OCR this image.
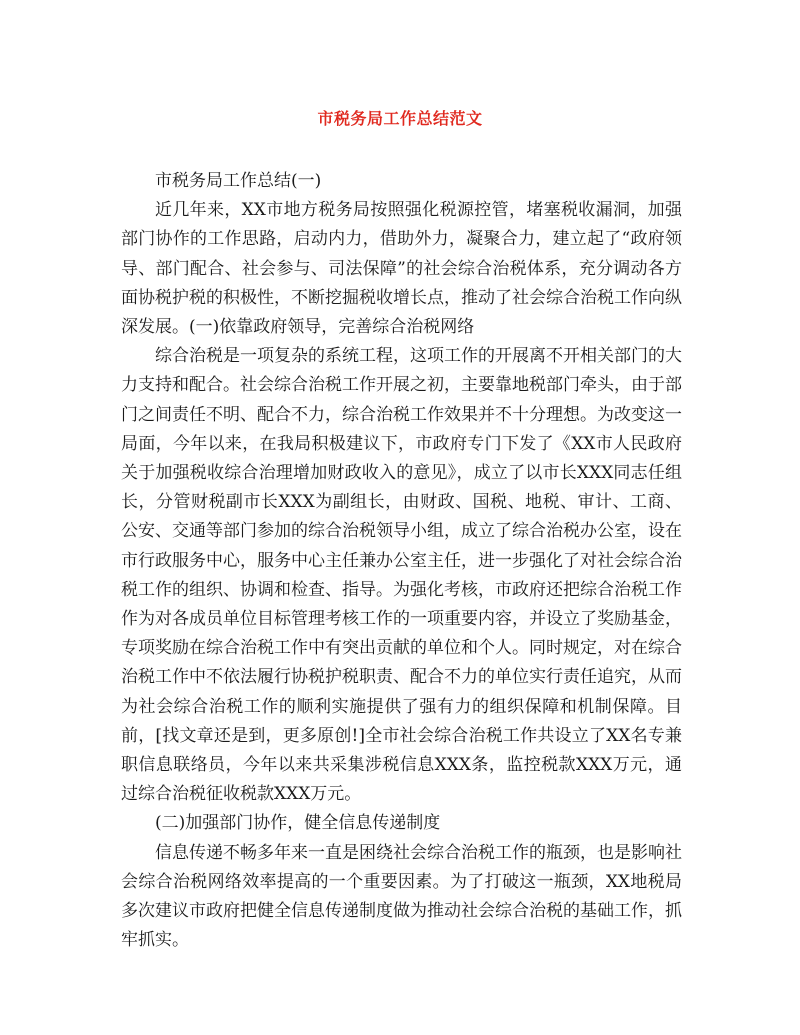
市税务局工作总结范文

市税务局工作总结(一)

近几年来，XX市地方税务局按照强化税源控管，堵塞税收漏洞，加强部门协作的工作思路，启动内力，借助外力，凝聚合力，建立起了“政府领导、部门配合、社会参与、司法保障”的社会综合治税体系，充分调动各方面协税护税的积极性，不断挖掘税收增长点，推动了社会综合治税工作向纵深发展。(一)依靠政府领导，完善综合治税网络

综合治税是一项复杂的系统工程，这项工作的开展离不开相关部门的大力支持和配合。社会综合治税工作开展之初，主要靠地税部门牵头，由于部门之间责任不明、配合不力，综合治税工作效果并不十分理想。为改变这一局面，今年以来，在我局积极建议下，市政府专门下发了《XX市人民政府关于加强税收综合治理增加财政收入的意见》，成立了以市长XXX同志任组长，分管财税副市长XXX为副组长，由财政、国税、地税、审计、工商、公安、交通等部门参加的综合治税领导小组，成立了综合治税办公室，设在市行政服务中心，服务中心主任兼办公室主任，进一步强化了对社会综合治税工作的组织、协调和检查、指导。为强化考核，市政府还把综合治税工作作为对各成员单位目标管理考核工作的一项重要内容，并设立了奖励基金，专项奖励在综合治税工作中有突出贡献的单位和个人。同时规定，对在综合治税工作中不依法履行协税护税职责、配合不力的单位实行责任追究，从而为社会综合治税工作的顺利实施提供了强有力的组织保障和机制保障。目前，[找文章还是到，更多原创!]全市社会综合治税工作共设立了XX名专兼职信息联络员，今年以来共采集涉税信息XXX条，监控税款XXX万元，通过综合治税征收税款XXX万元。

(二)加强部门协作，健全信息传递制度

信息传递不畅多年来一直是困绕社会综合治税工作的瓶颈，也是影响社会综合治税网络效率提高的一个重要因素。为了打破这一瓶颈，XX地税局多次建议市政府把健全信息传递制度做为推动社会综合治税的基础工作，抓牢抓实。
